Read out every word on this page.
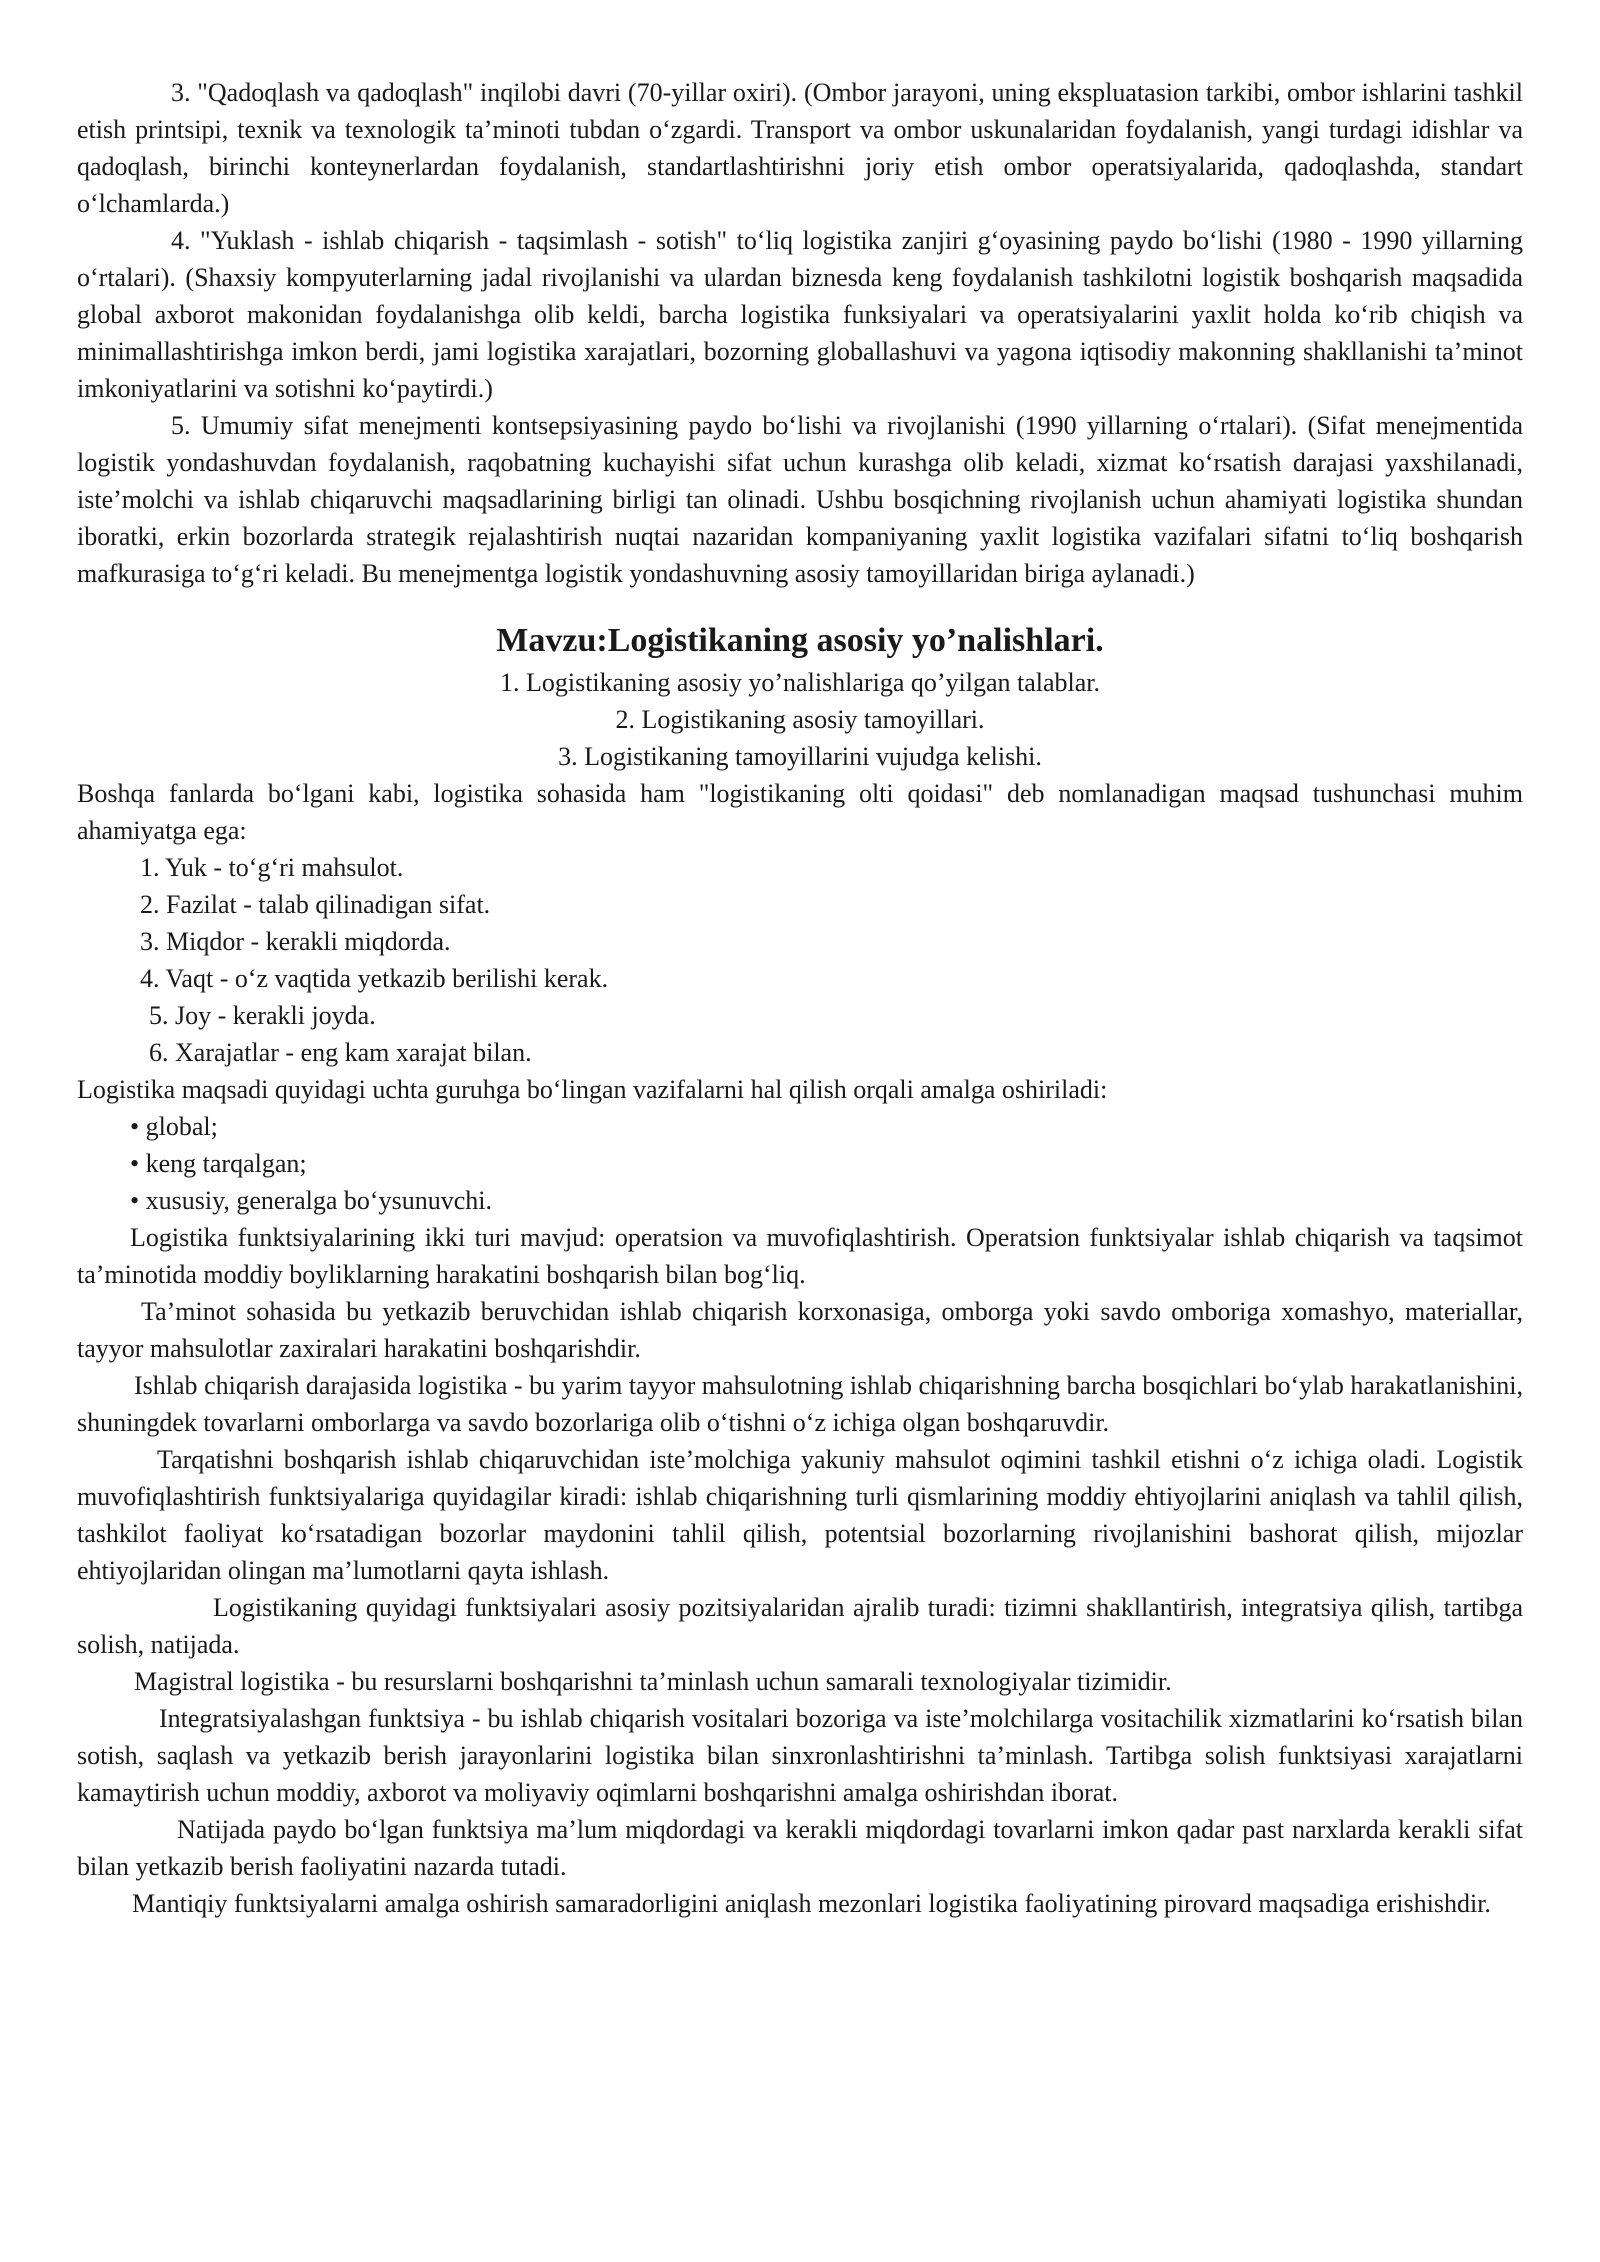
3. "Qadoqlash va qadoqlash" inqilobi davri (70-yillar oxiri). (Ombor jarayoni, uning ekspluatasion tarkibi, ombor ishlarini tashkil etish printsipi, texnik va texnologik ta’minoti tubdan o‘zgardi. Transport va ombor uskunalaridan foydalanish, yangi turdagi idishlar va qadoqlash, birinchi konteynerlardan foydalanish, standartlashtirishni joriy etish ombor operatsiyalarida, qadoqlashda, standart o‘lchamlarda.)

4. "Yuklash - ishlab chiqarish - taqsimlash - sotish" to‘liq logistika zanjiri g‘oyasining paydo bo‘lishi (1980 - 1990 yillarning o‘rtalari). (Shaxsiy kompyuterlarning jadal rivojlanishi va ulardan biznesda keng foydalanish tashkilotni logistik boshqarish maqsadida global axborot makonidan foydalanishga olib keldi, barcha logistika funksiyalari va operatsiyalarini yaxlit holda ko‘rib chiqish va minimallashtirishga imkon berdi, jami logistika xarajatlari, bozorning globallashuvi va yagona iqtisodiy makonning shakllanishi ta’minot imkoniyatlarini va sotishni ko‘paytirdi.)

5. Umumiy sifat menejmenti kontsepsiyasining paydo bo‘lishi va rivojlanishi (1990 yillarning o‘rtalari). (Sifat menejmentida logistik yondashuvdan foydalanish, raqobatning kuchayishi sifat uchun kurashga olib keladi, xizmat ko‘rsatish darajasi yaxshilanadi, iste’molchi va ishlab chiqaruvchi maqsadlarining birligi tan olinadi. Ushbu bosqichning rivojlanish uchun ahamiyati logistika shundan iboratki, erkin bozorlarda strategik rejalashtirish nuqtai nazaridan kompaniyaning yaxlit logistika vazifalari sifatni to‘liq boshqarish mafkurasiga to‘g‘ri keladi. Bu menejmentga logistik yondashuvning asosiy tamoyillaridan biriga aylanadi.)

Mavzu:Logistikaning asosiy yo’nalishlari.

1. Logistikaning asosiy yo’nalishlariga qo’yilgan talablar.

2. Logistikaning asosiy tamoyillari.

3. Logistikaning tamoyillarini vujudga kelishi.

Boshqa fanlarda bo‘lgani kabi, logistika sohasida ham "logistikaning olti qoidasi" deb nomlanadigan maqsad tushunchasi muhim ahamiyatga ega:

1. Yuk - to‘g‘ri mahsulot.
2. Fazilat - talab qilinadigan sifat.
3. Miqdor - kerakli miqdorda.
4. Vaqt - o‘z vaqtida yetkazib berilishi kerak.
5. Joy - kerakli joyda.
6. Xarajatlar - eng kam xarajat bilan.

Logistika maqsadi quyidagi uchta guruhga bo‘lingan vazifalarni hal qilish orqali amalga oshiriladi:

• global;
• keng tarqalgan;
• xususiy, generalga bo‘ysunuvchi.

Logistika funktsiyalarining ikki turi mavjud: operatsion va muvofiqlashtirish. Operatsion funktsiyalar ishlab chiqarish va taqsimot ta’minotida moddiy boyliklarning harakatini boshqarish bilan bog‘liq.

Ta’minot sohasida bu yetkazib beruvchidan ishlab chiqarish korxonasiga, omborga yoki savdo omboriga xomashyo, materiallar, tayyor mahsulotlar zaxiralari harakatini boshqarishdir.

Ishlab chiqarish darajasida logistika - bu yarim tayyor mahsulotning ishlab chiqarishning barcha bosqichlari bo‘ylab harakatlanishini, shuningdek tovarlarni omborlarga va savdo bozorlariga olib o‘tishni o‘z ichiga olgan boshqaruvdir.

Tarqatishni boshqarish ishlab chiqaruvchidan iste’molchiga yakuniy mahsulot oqimini tashkil etishni o‘z ichiga oladi. Logistik muvofiqlashtirish funktsiyalariga quyidagilar kiradi: ishlab chiqarishning turli qismlarining moddiy ehtiyojlarini aniqlash va tahlil qilish, tashkilot faoliyat ko‘rsatadigan bozorlar maydonini tahlil qilish, potentsial bozorlarning rivojlanishini bashorat qilish, mijozlar ehtiyojlaridan olingan ma’lumotlarni qayta ishlash.

Logistikaning quyidagi funktsiyalari asosiy pozitsiyalaridan ajralib turadi: tizimni shakllantirish, integratsiya qilish, tartibga solish, natijada.

Magistral logistika - bu resurslarni boshqarishni ta’minlash uchun samarali texnologiyalar tizimidir.

Integratsiyalashgan funktsiya - bu ishlab chiqarish vositalari bozoriga va iste’molchilarga vositachilik xizmatlarini ko‘rsatish bilan sotish, saqlash va yetkazib berish jarayonlarini logistika bilan sinxronlashtirishni ta’minlash. Tartibga solish funktsiyasi xarajatlarni kamaytirish uchun moddiy, axborot va moliyaviy oqimlarni boshqarishni amalga oshirishdan iborat.

Natijada paydo bo‘lgan funktsiya ma’lum miqdordagi va kerakli miqdordagi tovarlarni imkon qadar past narxlarda kerakli sifat bilan yetkazib berish faoliyatini nazarda tutadi.

Mantiqiy funktsiyalarni amalga oshirish samaradorligini aniqlash mezonlari logistika faoliyatining pirovard maqsadiga erishishdir.
